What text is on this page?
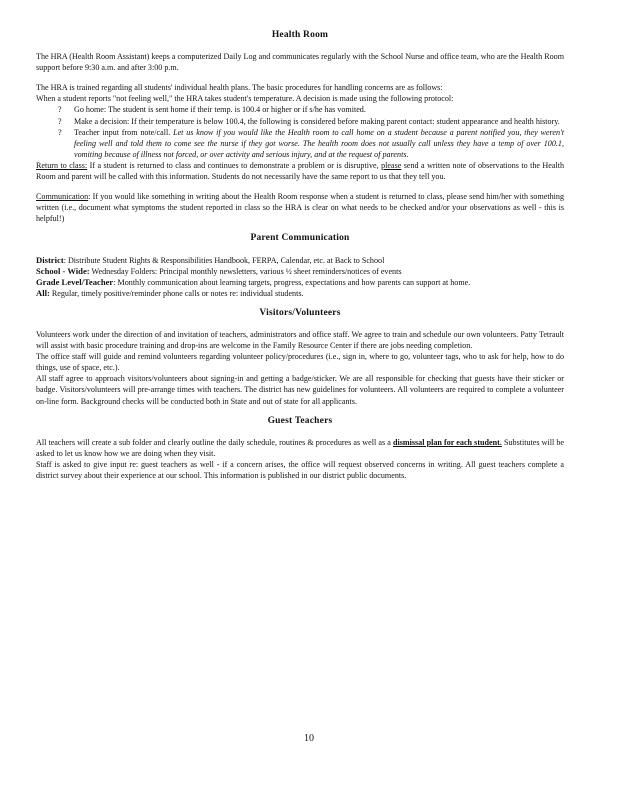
Health Room

The HRA (Health Room Assistant) keeps a computerized Daily Log and communicates regularly with the School Nurse and office team, who are the Health Room support before 9:30 a.m. and after 3:00 p.m.

The HRA is trained regarding all students' individual health plans. The basic procedures for handling concerns are as follows:

When a student reports "not feeling well," the HRA takes student's temperature. A decision is made using the following protocol:

? Go home: The student is sent home if their temp. is 100.4 or higher or if s/he has vomited.
? Make a decision: If their temperature is below 100.4, the following is considered before making parent contact: student appearance and health history.
? Teacher input from note/call. Let us know if you would like the Health room to call home on a student because a parent notified you, they weren't feeling well and told them to come see the nurse if they got worse. The health room does not usually call unless they have a temp of over 100.1, vomiting because of illness not forced, or over activity and serious injury, and at the request of parents.

Return to class: If a student is returned to class and continues to demonstrate a problem or is disruptive, please send a written note of observations to the Health Room and parent will be called with this information. Students do not necessarily have the same report to us that they tell you.

Communication: If you would like something in writing about the Health Room response when a student is returned to class, please send him/her with something written (i.e., document what symptoms the student reported in class so the HRA is clear on what needs to be checked and/or your observations as well - this is helpful!)

Parent Communication

District: Distribute Student Rights & Responsibilities Handbook, FERPA, Calendar, etc. at Back to School

School - Wide: Wednesday Folders: Principal monthly newsletters, various ½ sheet reminders/notices of events

Grade Level/Teacher: Monthly communication about learning targets, progress, expectations and how parents can support at home.

All: Regular, timely positive/reminder phone calls or notes re: individual students.

Visitors/Volunteers

Volunteers work under the direction of and invitation of teachers, administrators and office staff. We agree to train and schedule our own volunteers. Patty Tetrault will assist with basic procedure training and drop-ins are welcome in the Family Resource Center if there are jobs needing completion.

The office staff will guide and remind volunteers regarding volunteer policy/procedures (i.e., sign in, where to go, volunteer tags, who to ask for help, how to do things, use of space, etc.).

All staff agree to approach visitors/volunteers about signing-in and getting a badge/sticker. We are all responsible for checking that guests have their sticker or badge. Visitors/volunteers will pre-arrange times with teachers. The district has new guidelines for volunteers. All volunteers are required to complete a volunteer on-line form. Background checks will be conducted both in State and out of state for all applicants.

Guest Teachers

All teachers will create a sub folder and clearly outline the daily schedule, routines & procedures as well as a dismissal plan for each student. Substitutes will be asked to let us know how we are doing when they visit.

Staff is asked to give input re: guest teachers as well - if a concern arises, the office will request observed concerns in writing. All guest teachers complete a district survey about their experience at our school. This information is published in our district public documents.

10
